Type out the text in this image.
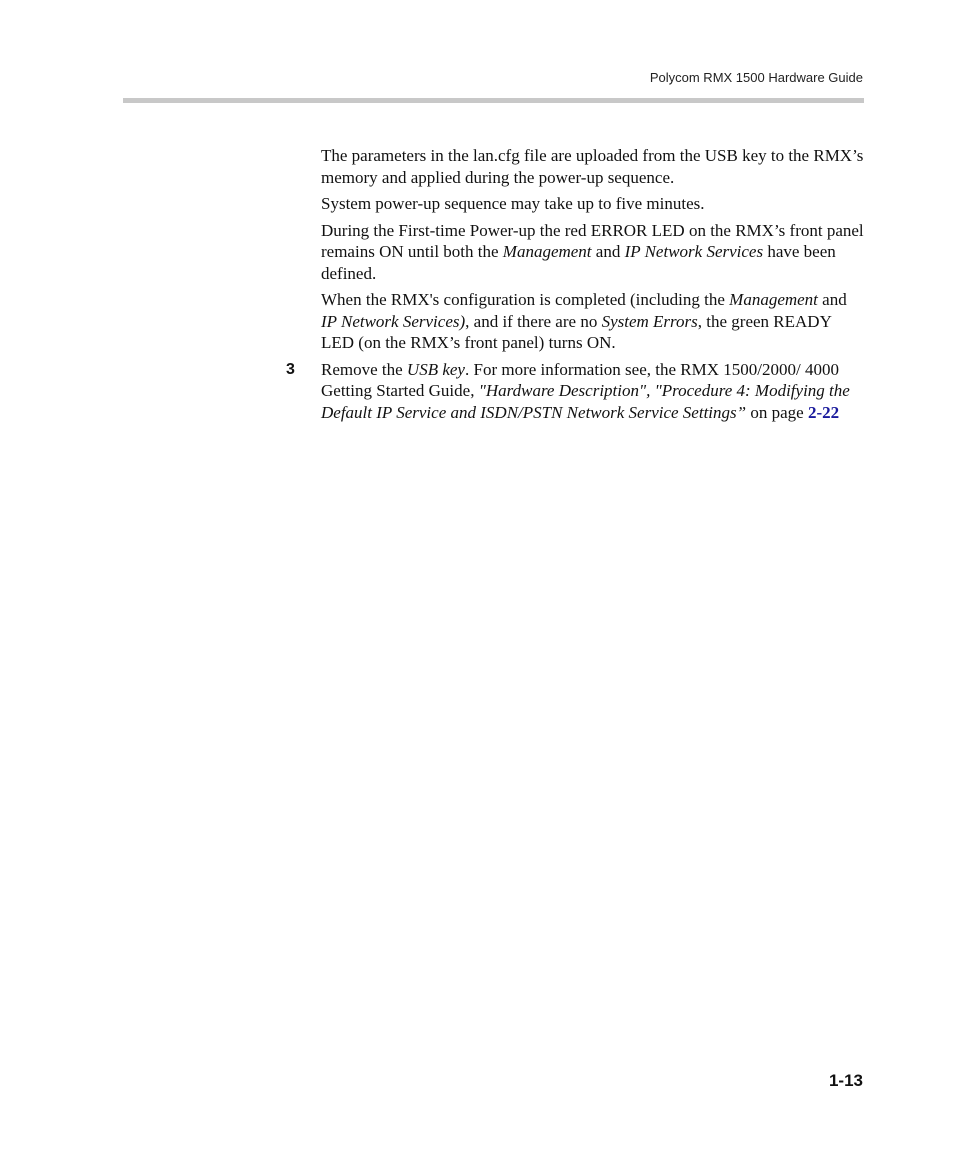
Polycom RMX 1500 Hardware Guide

The parameters in the lan.cfg file are uploaded from the USB key to the RMX’s memory and applied during the power-up sequence.

System power-up sequence may take up to five minutes.

During the First-time Power-up the red ERROR LED on the RMX’s front panel remains ON until both the Management and IP Network Services have been defined.

When the RMX's configuration is completed (including the Management and IP Network Services), and if there are no System Errors, the green READY LED (on the RMX’s front panel) turns ON.

3 Remove the USB key. For more information see, the RMX 1500/2000/ 4000 Getting Started Guide, "Hardware Description", "Procedure 4: Modifying the Default IP Service and ISDN/PSTN Network Service Settings” on page 2-22

1-13
